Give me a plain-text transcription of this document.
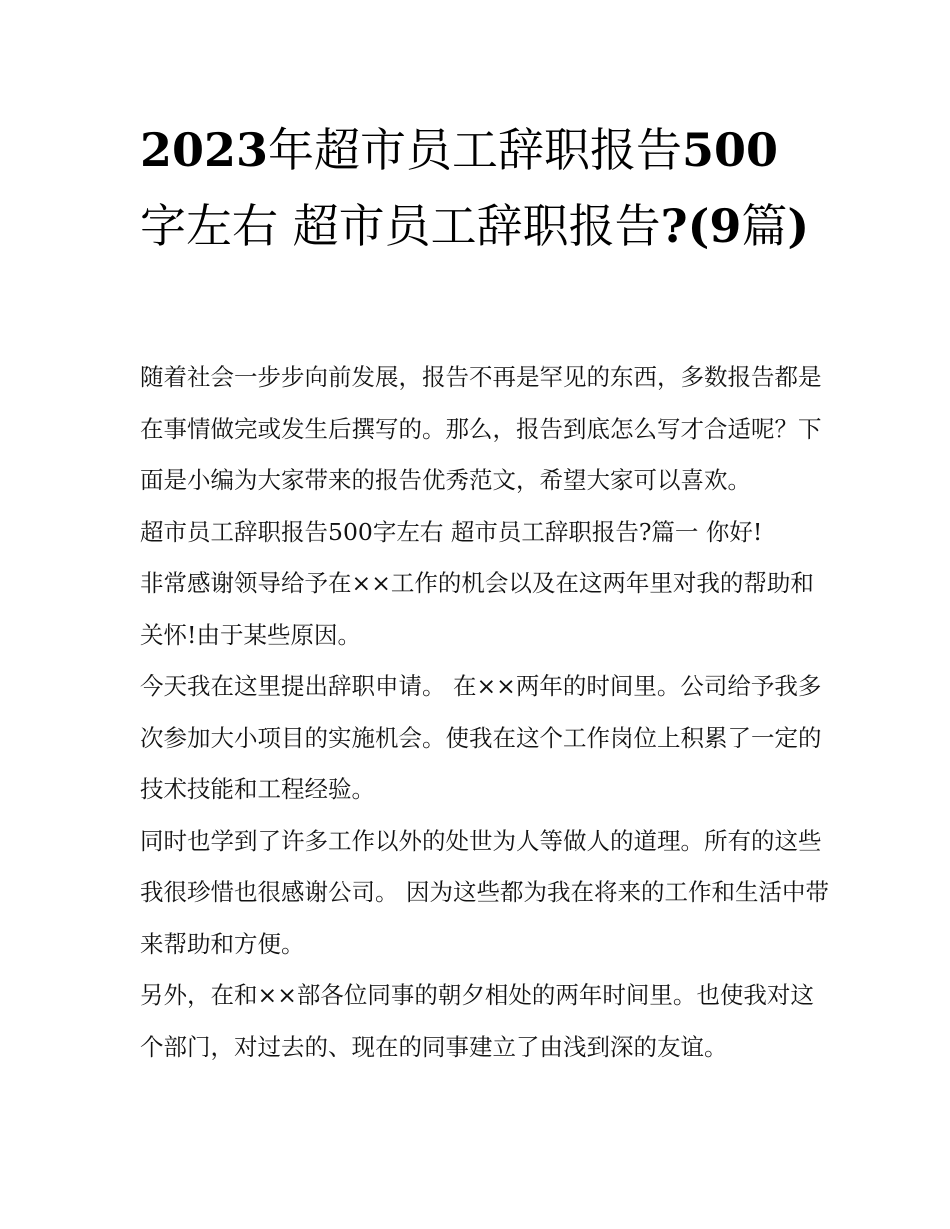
2023年超市员工辞职报告500字左右 超市员工辞职报告?(9篇)

随着社会一步步向前发展，报告不再是罕见的东西，多数报告都是在事情做完或发生后撰写的。那么，报告到底怎么写才合适呢？下面是小编为大家带来的报告优秀范文，希望大家可以喜欢。

超市员工辞职报告500字左右 超市员工辞职报告?篇一 你好!

非常感谢领导给予在××工作的机会以及在这两年里对我的帮助和关怀!由于某些原因。

今天我在这里提出辞职申请。 在××两年的时间里。公司给予我多次参加大小项目的实施机会。使我在这个工作岗位上积累了一定的技术技能和工程经验。

同时也学到了许多工作以外的处世为人等做人的道理。所有的这些我很珍惜也很感谢公司。 因为这些都为我在将来的工作和生活中带来帮助和方便。

另外，在和××部各位同事的朝夕相处的两年时间里。也使我对这个部门，对过去的、现在的同事建立了由浅到深的友谊。
